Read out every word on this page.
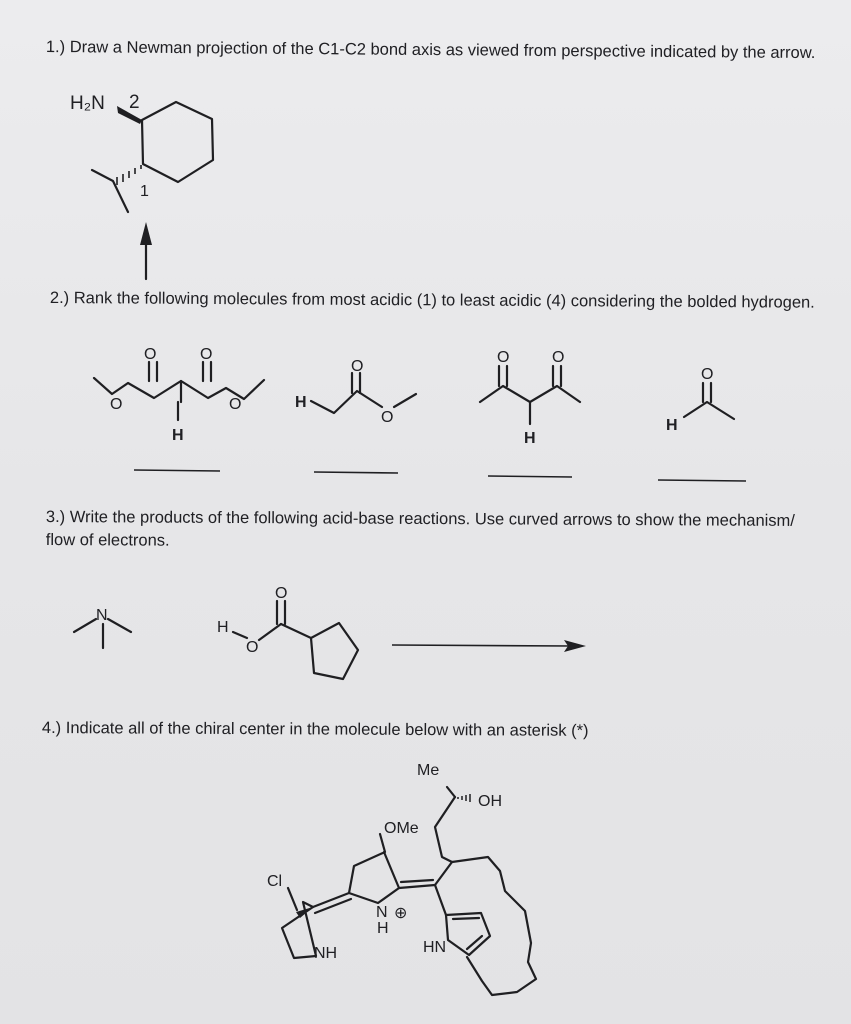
1.) Draw a Newman projection of the C1-C2 bond axis as viewed from perspective indicated by the arrow.
2.) Rank the following molecules from most acidic (1) to least acidic (4) considering the bolded hydrogen.
3.) Write the products of the following acid-base reactions. Use curved arrows to show the mechanism/ flow of electrons.
4.) Indicate all of the chiral center in the molecule below with an asterisk (*)
H₂N 2
1
O	O
O	O
H
O
O
H
O	O
H
O
H
N
H
O
O
Me
OH
OMe
Cl
NH
N
H
⊕
HN
